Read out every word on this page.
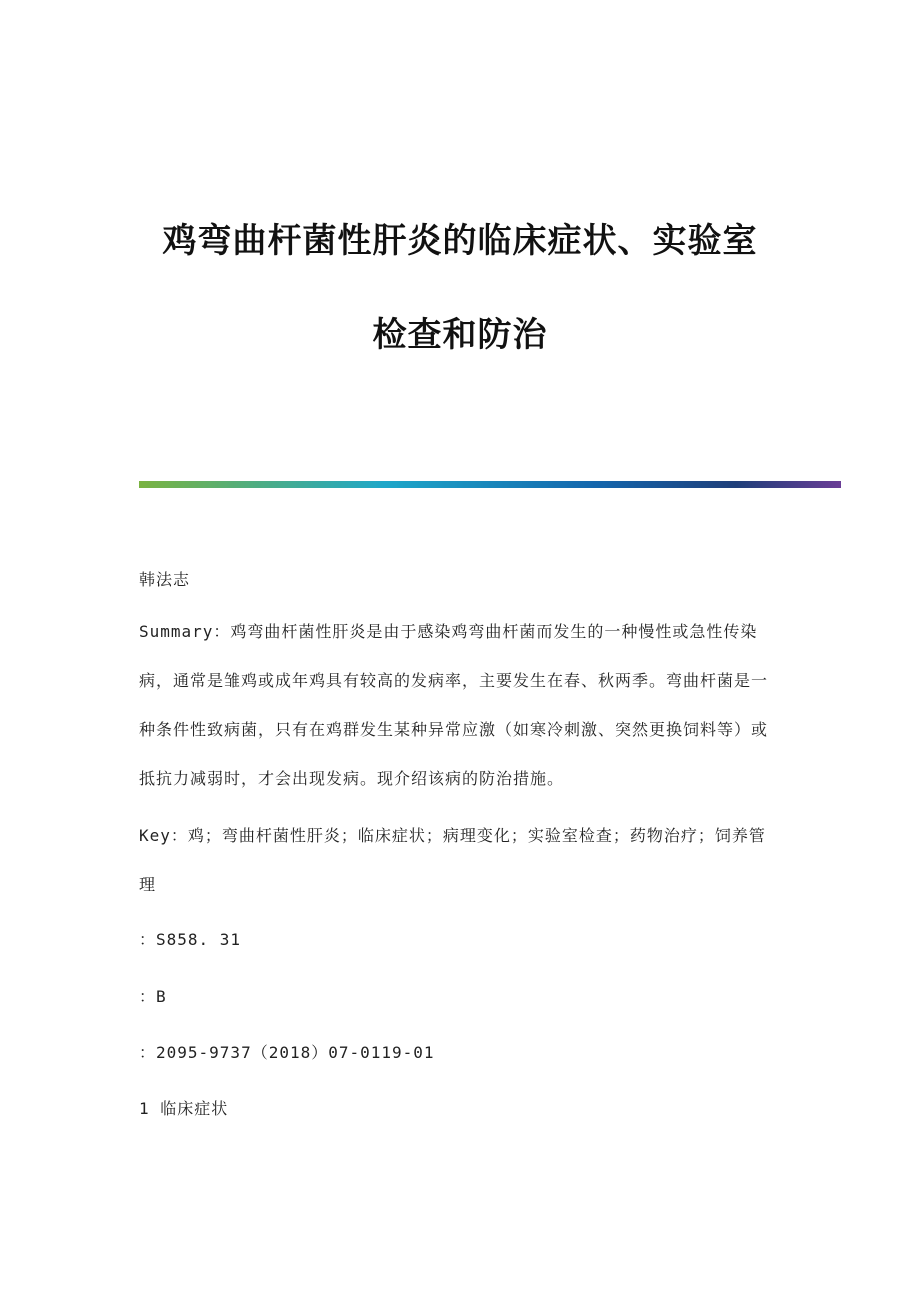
鸡弯曲杆菌性肝炎的临床症状、实验室
检查和防治

韩法志

Summary：鸡弯曲杆菌性肝炎是由于感染鸡弯曲杆菌而发生的一种慢性或急性传染病，通常是雏鸡或成年鸡具有较高的发病率，主要发生在春、秋两季。弯曲杆菌是一种条件性致病菌，只有在鸡群发生某种异常应激（如寒冷刺激、突然更换饲料等）或抵抗力减弱时，才会出现发病。现介绍该病的防治措施。

Key：鸡；弯曲杆菌性肝炎；临床症状；病理变化；实验室检查；药物治疗；饲养管理

：S858. 31

：B

：2095-9737（2018）07-0119-01

1 临床症状
